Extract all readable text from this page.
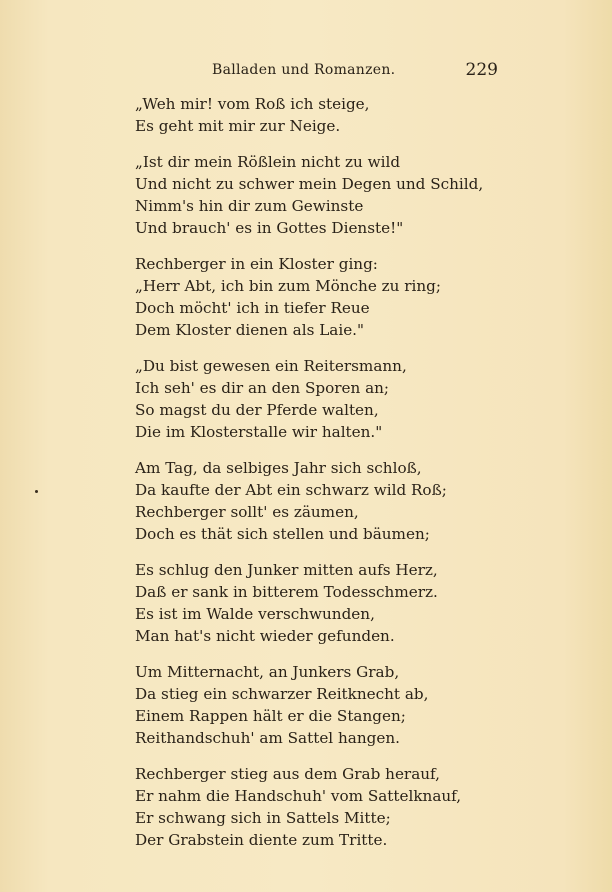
Balladen und Romanzen.	229
„Weh mir! vom Roß ich steige,
Es geht mit mir zur Neige.
„Ist dir mein Rößlein nicht zu wild
Und nicht zu schwer mein Degen und Schild,
Nimm's hin dir zum Gewinste
Und brauch' es in Gottes Dienste!"
Rechberger in ein Kloster ging:
„Herr Abt, ich bin zum Mönche zu ring;
Doch möcht' ich in tiefer Reue
Dem Kloster dienen als Laie."
„Du bist gewesen ein Reitersmann,
Ich seh' es dir an den Sporen an;
So magst du der Pferde walten,
Die im Klosterstalle wir halten."
Am Tag, da selbiges Jahr sich schloß,
Da kaufte der Abt ein schwarz wild Roß;
Rechberger sollt' es zäumen,
Doch es thät sich stellen und bäumen;
Es schlug den Junker mitten aufs Herz,
Daß er sank in bitterem Todesschmerz.
Es ist im Walde verschwunden,
Man hat's nicht wieder gefunden.
Um Mitternacht, an Junkers Grab,
Da stieg ein schwarzer Reitknecht ab,
Einem Rappen hält er die Stangen;
Reithandschuh' am Sattel hangen.
Rechberger stieg aus dem Grab herauf,
Er nahm die Handschuh' vom Sattelknauf,
Er schwang sich in Sattels Mitte;
Der Grabstein diente zum Tritte.
